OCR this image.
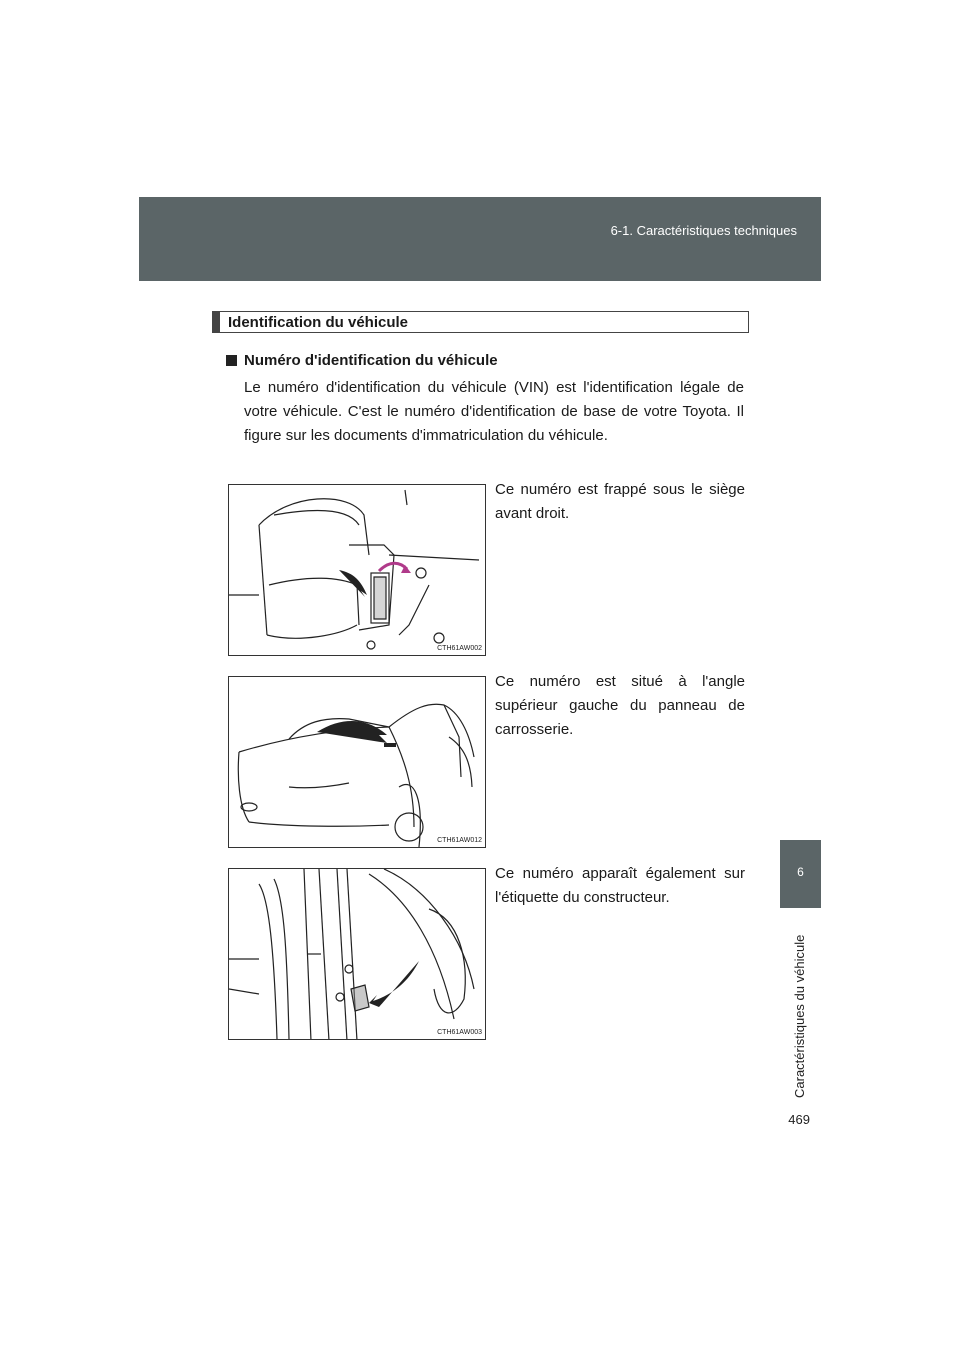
6-1. Caractéristiques techniques
6
Caractéristiques du véhicule
469
Identification du véhicule
Numéro d'identification du véhicule
Le numéro d'identification du véhicule (VIN) est l'identification légale de votre véhicule. C'est le numéro d'identification de base de votre Toyota. Il figure sur les documents d'immatriculation du véhicule.
CTH61AW002
Ce numéro est frappé sous le siège avant droit.
CTH61AW012
Ce numéro est situé à l'angle supérieur gauche du panneau de carrosserie.
CTH61AW003
Ce numéro apparaît également sur l'étiquette du constructeur.
